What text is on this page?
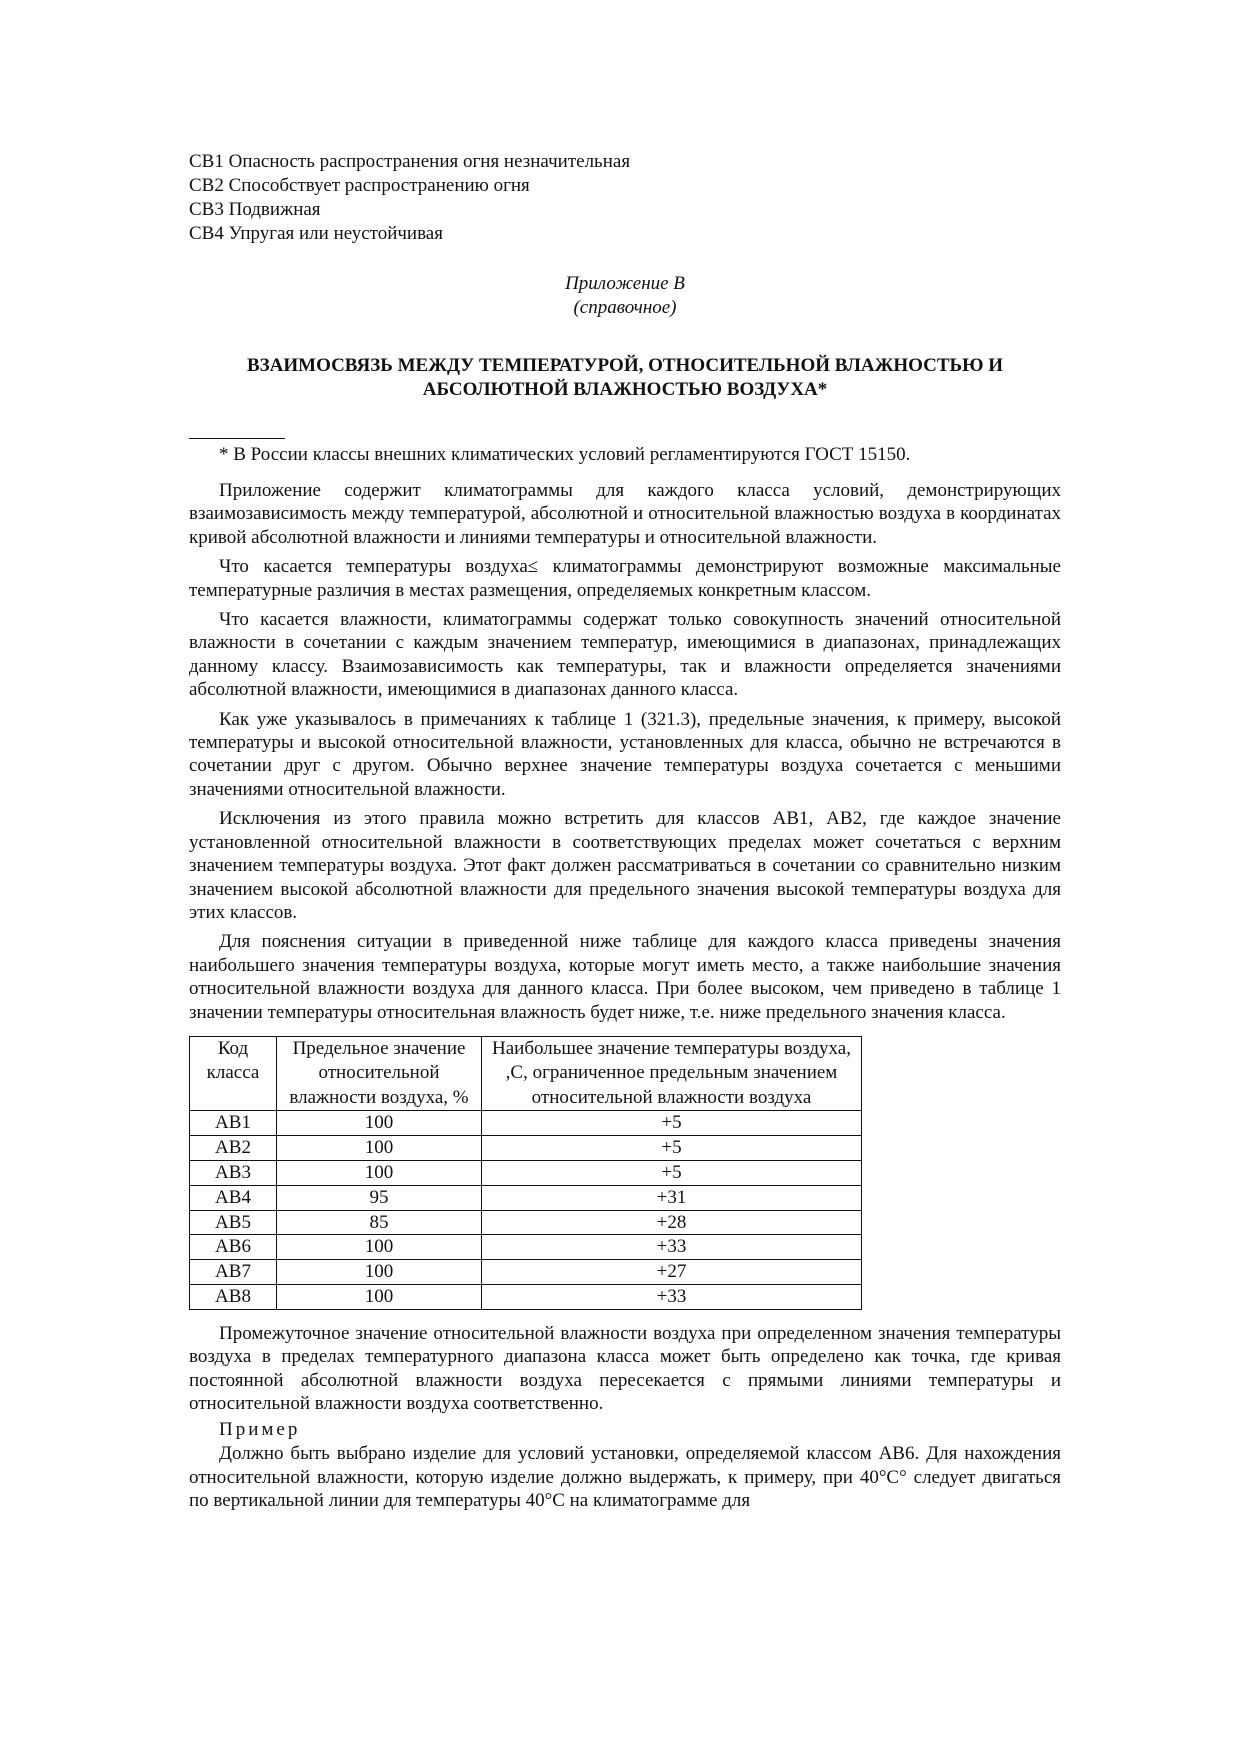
СВ1 Опасность распространения огня незначительная

СВ2 Способствует распространению огня

СВ3 Подвижная

СВ4 Упругая или неустойчивая

Приложение В
(справочное)
ВЗАИМОСВЯЗЬ МЕЖДУ ТЕМПЕРАТУРОЙ, ОТНОСИТЕЛЬНОЙ ВЛАЖНОСТЬЮ И
АБСОЛЮТНОЙ ВЛАЖНОСТЬЮ ВОЗДУХА*

* В России классы внешних климатических условий регламентируются ГОСТ 15150.

Приложение содержит климатограммы для каждого класса условий, демонстрирующих взаимозависимость между температурой, абсолютной и относительной влажностью воздуха в координатах кривой абсолютной влажности и линиями температуры и относительной влажности.

Что касается температуры воздуха≤ климатограммы демонстрируют возможные максимальные температурные различия в местах размещения, определяемых конкретным классом.

Что касается влажности, климатограммы содержат только совокупность значений относительной влажности в сочетании с каждым значением температур, имеющимися в диапазонах, принадлежащих данному классу. Взаимозависимость как температуры, так и влажности определяется значениями абсолютной влажности, имеющимися в диапазонах данного класса.

Как уже указывалось в примечаниях к таблице 1 (321.3), предельные значения, к примеру, высокой температуры и высокой относительной влажности, установленных для класса, обычно не встречаются в сочетании друг с другом. Обычно верхнее значение температуры воздуха сочетается с меньшими значениями относительной влажности.

Исключения из этого правила можно встретить для классов АВ1, АВ2, где каждое значение установленной относительной влажности в соответствующих пределах может сочетаться с верхним значением температуры воздуха. Этот факт должен рассматриваться в сочетании со сравнительно низким значением высокой абсолютной влажности для предельного значения высокой температуры воздуха для этих классов.

Для пояснения ситуации в приведенной ниже таблице для каждого класса приведены значения наибольшего значения температуры воздуха, которые могут иметь место, а также наибольшие значения относительной влажности воздуха для данного класса. При более высоком, чем приведено в таблице 1 значении температуры относительная влажность будет ниже, т.е. ниже предельного значения класса.

Код класса	Предельное значение относительной влажности воздуха, %	Наибольшее значение температуры воздуха, ,С, ограниченное предельным значением относительной влажности воздуха
АВ1	100	+5
АВ2	100	+5
АВ3	100	+5
АВ4	95	+31
АВ5	85	+28
АВ6	100	+33
АВ7	100	+27
АВ8	100	+33

Промежуточное значение относительной влажности воздуха при определенном значения температуры воздуха в пределах температурного диапазона класса может быть определено как точка, где кривая постоянной абсолютной влажности воздуха пересекается с прямыми линиями температуры и относительной влажности воздуха соответственно.

Пример

Должно быть выбрано изделие для условий установки, определяемой классом АВ6. Для нахождения относительной влажности, которую изделие должно выдержать, к примеру, при 40°С° следует двигаться по вертикальной линии для температуры 40°С на климатограмме для
